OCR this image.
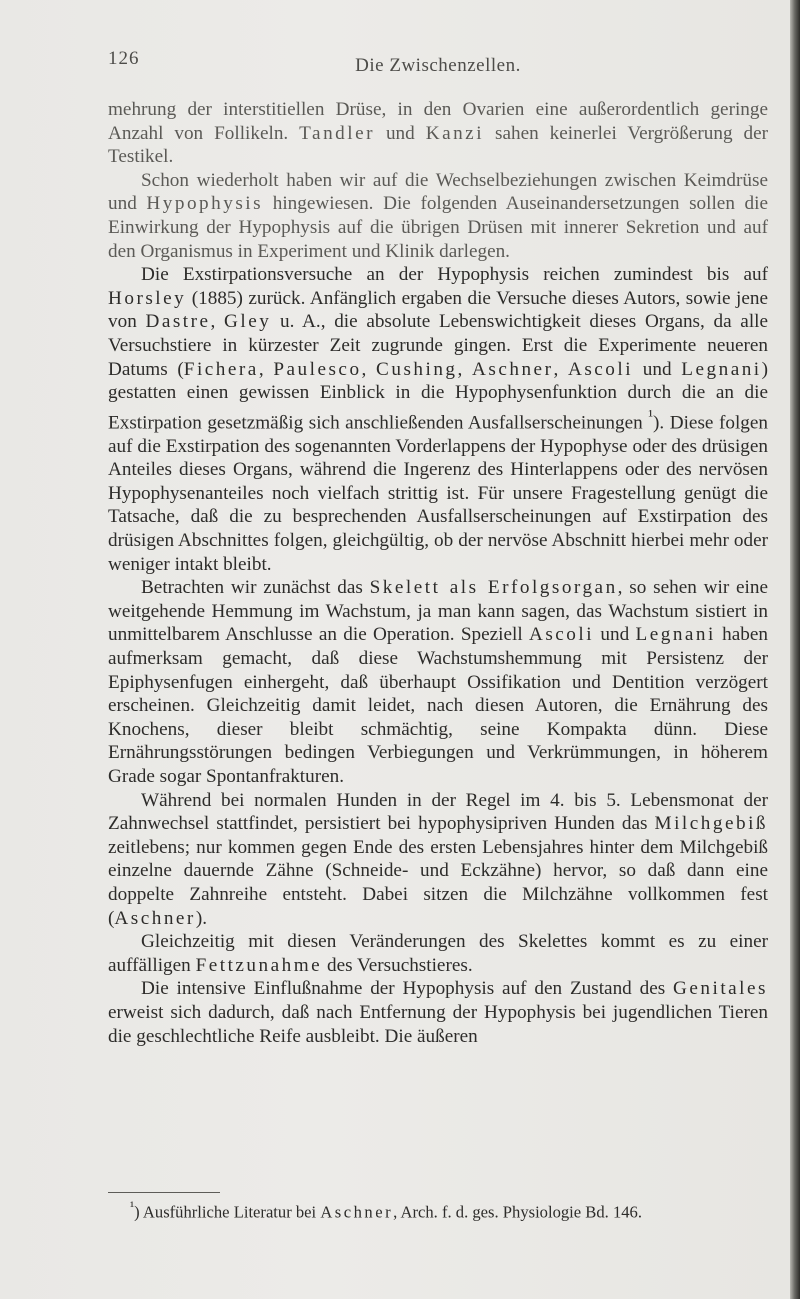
126	Die Zwischenzellen.

mehrung der interstitiellen Drüse, in den Ovarien eine außerordentlich geringe Anzahl von Follikeln. Tandler und Kanzi sahen keinerlei Vergrößerung der Testikel.

Schon wiederholt haben wir auf die Wechselbeziehungen zwischen Keimdrüse und Hypophysis hingewiesen. Die folgenden Auseinandersetzungen sollen die Einwirkung der Hypophysis auf die übrigen Drüsen mit innerer Sekretion und auf den Organismus in Experiment und Klinik darlegen.

Die Exstirpationsversuche an der Hypophysis reichen zumindest bis auf Horsley (1885) zurück. Anfänglich ergaben die Versuche dieses Autors, sowie jene von Dastre, Gley u. A., die absolute Lebenswichtigkeit dieses Organs, da alle Versuchstiere in kürzester Zeit zugrunde gingen. Erst die Experimente neueren Datums (Fichera, Paulesco, Cushing, Aschner, Ascoli und Legnani) gestatten einen gewissen Einblick in die Hypophysenfunktion durch die an die Exstirpation gesetzmäßig sich anschließenden Ausfallserscheinungen $^{^1}$). Diese folgen auf die Exstirpation des sogenannten Vorderlappens der Hypophyse oder des drüsigen Anteiles dieses Organs, während die Ingerenz des Hinterlappens oder des nervösen Hypophysenanteiles noch vielfach strittig ist. Für unsere Fragestellung genügt die Tatsache, daß die zu besprechenden Ausfallserscheinungen auf Exstirpation des drüsigen Abschnittes folgen, gleichgültig, ob der nervöse Abschnitt hierbei mehr oder weniger intakt bleibt.

Betrachten wir zunächst das Skelett als Erfolgsorgan, so sehen wir eine weitgehende Hemmung im Wachstum, ja man kann sagen, das Wachstum sistiert in unmittelbarem Anschlusse an die Operation. Speziell Ascoli und Legnani haben aufmerksam gemacht, daß diese Wachstumshemmung mit Persistenz der Epiphysenfugen einhergeht, daß überhaupt Ossifikation und Dentition verzögert erscheinen. Gleichzeitig damit leidet, nach diesen Autoren, die Ernährung des Knochens, dieser bleibt schmächtig, seine Kompakta dünn. Diese Ernährungsstörungen bedingen Verbiegungen und Verkrümmungen, in höherem Grade sogar Spontanfrakturen.

Während bei normalen Hunden in der Regel im 4. bis 5. Lebensmonat der Zahnwechsel stattfindet, persistiert bei hypophysipriven Hunden das Milchgebiß zeitlebens; nur kommen gegen Ende des ersten Lebensjahres hinter dem Milchgebiß einzelne dauernde Zähne (Schneide- und Eckzähne) hervor, so daß dann eine doppelte Zahnreihe entsteht. Dabei sitzen die Milchzähne vollkommen fest (Aschner).

Gleichzeitig mit diesen Veränderungen des Skelettes kommt es zu einer auffälligen Fettzunahme des Versuchstieres.

Die intensive Einflußnahme der Hypophysis auf den Zustand des Genitales erweist sich dadurch, daß nach Entfernung der Hypophysis bei jugendlichen Tieren die geschlechtliche Reife ausbleibt. Die äußeren

$^{^1}$) Ausführliche Literatur bei Aschner, Arch. f. d. ges. Physiologie Bd. 146.
